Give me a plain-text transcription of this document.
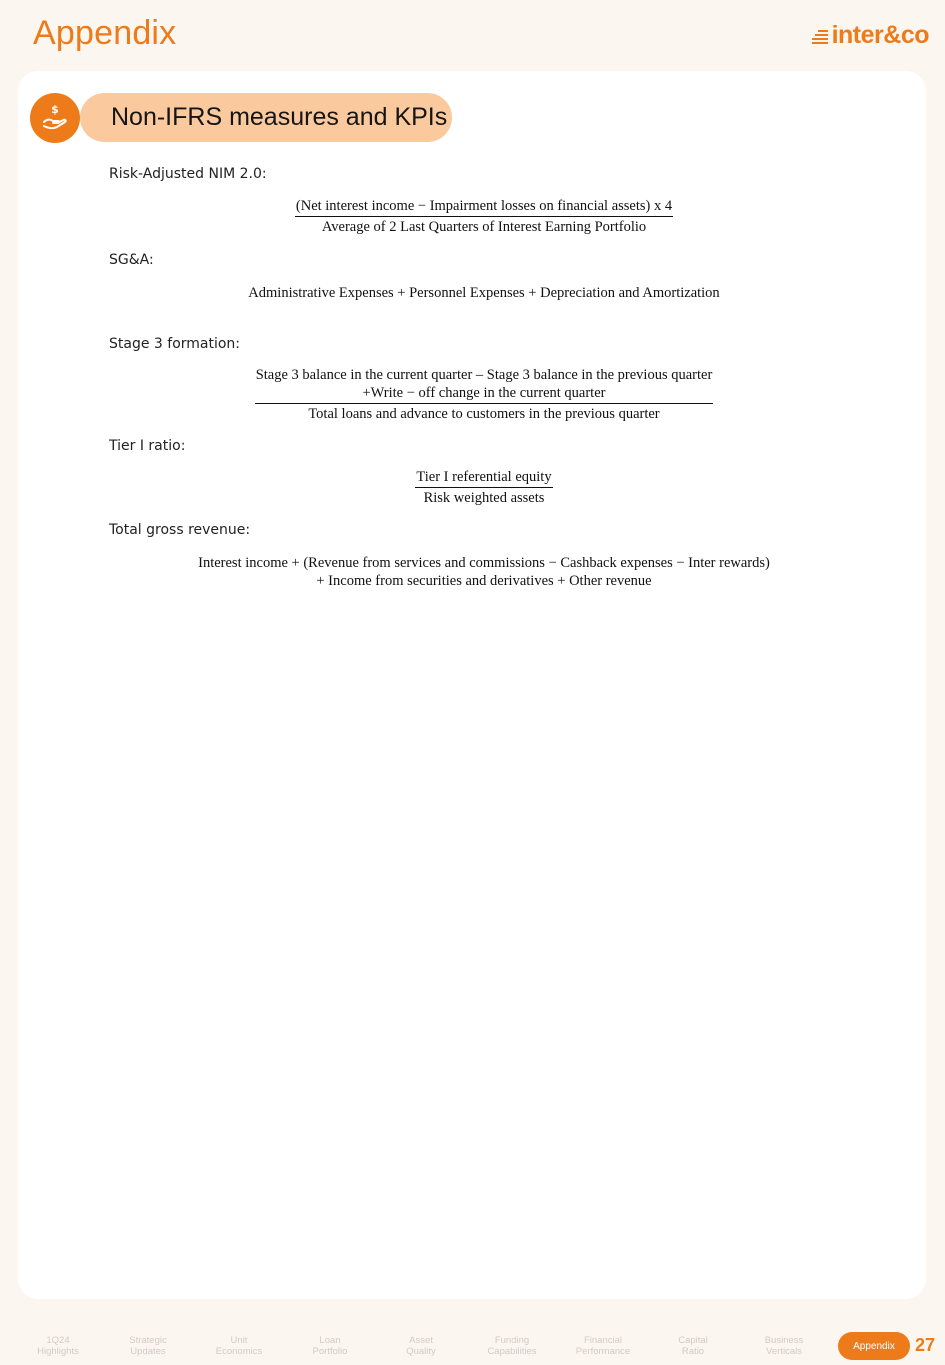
Appendix	inter&co
$ Non-IFRS measures and KPIs
Risk-Adjusted NIM 2.0:
(Net interest income − Impairment losses on financial assets) x 4
Average of 2 Last Quarters of Interest Earning Portfolio
SG&A:
Administrative Expenses + Personnel Expenses + Depreciation and Amortization
Stage 3 formation:
Stage 3 balance in the current quarter – Stage 3 balance in the previous quarter
+Write − off change in the current quarter
Total loans and advance to customers in the previous quarter
Tier I ratio:
$\frac{\text{Tier I referential equity}}{\text{Risk weighted assets}}$
Total gross revenue:
Interest income + (Revenue from services and commissions − Cashback expenses − Inter rewards)
+ Income from securities and derivatives + Other revenue
1Q24
Highlights
Strategic
Updates
Unit
Economics
Loan
Portfolio
Asset
Quality
Funding
Capabilities
Financial
Performance
Capital
Ratio
Business
Verticals	Appendix	27
